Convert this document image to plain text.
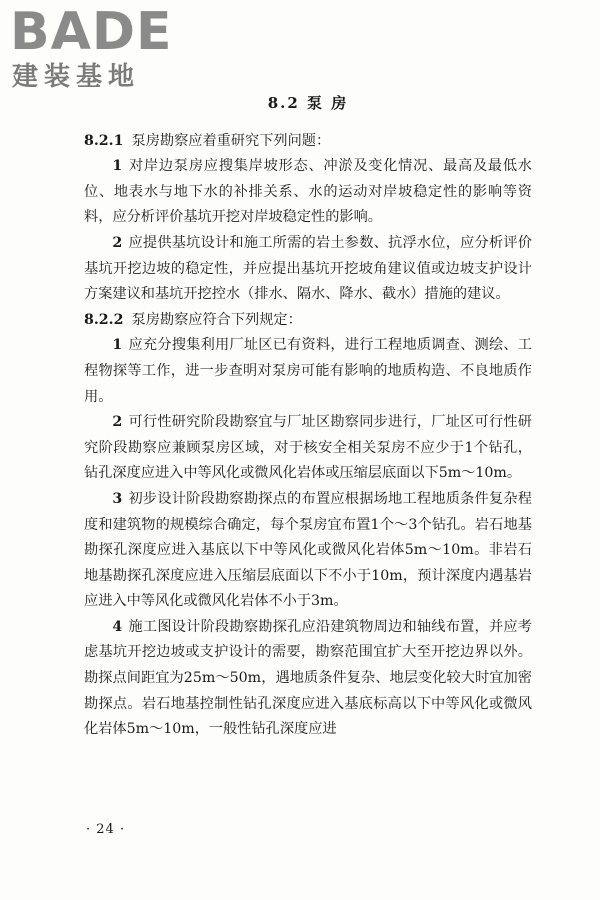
BADE
建装基地
8.2 泵 房

8.2.1 泵房勘察应着重研究下列问题：

1 对岸边泵房应搜集岸坡形态、冲淤及变化情况、最高及最低水位、地表水与地下水的补排关系、水的运动对岸坡稳定性的影响等资料，应分析评价基坑开挖对岸坡稳定性的影响。

2 应提供基坑设计和施工所需的岩土参数、抗浮水位，应分析评价基坑开挖边坡的稳定性，并应提出基坑开挖坡角建议值或边坡支护设计方案建议和基坑开挖控水（排水、隔水、降水、截水）措施的建议。

8.2.2 泵房勘察应符合下列规定：

1 应充分搜集利用厂址区已有资料，进行工程地质调查、测绘、工程物探等工作，进一步查明对泵房可能有影响的地质构造、不良地质作用。

2 可行性研究阶段勘察宜与厂址区勘察同步进行，厂址区可行性研究阶段勘察应兼顾泵房区域，对于核安全相关泵房不应少于1个钻孔，钻孔深度应进入中等风化或微风化岩体或压缩层底面以下5m～10m。

3 初步设计阶段勘察勘探点的布置应根据场地工程地质条件复杂程度和建筑物的规模综合确定，每个泵房宜布置1个～3个钻孔。岩石地基勘探孔深度应进入基底以下中等风化或微风化岩体5m～10m。非岩石地基勘探孔深度应进入压缩层底面以下不小于10m，预计深度内遇基岩应进入中等风化或微风化岩体不小于3m。

4 施工图设计阶段勘察勘探孔应沿建筑物周边和轴线布置，并应考虑基坑开挖边坡或支护设计的需要，勘察范围宜扩大至开挖边界以外。勘探点间距宜为25m～50m，遇地质条件复杂、地层变化较大时宜加密勘探点。岩石地基控制性钻孔深度应进入基底标高以下中等风化或微风化岩体5m～10m，一般性钻孔深度应进

· 24 ·
